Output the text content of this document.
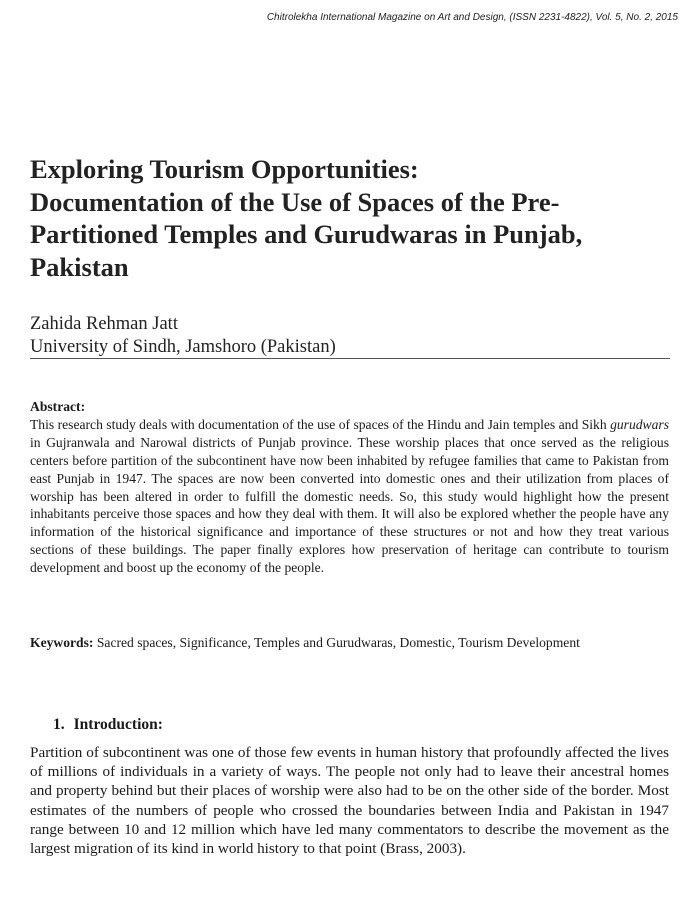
Chitrolekha International Magazine on Art and Design, (ISSN 2231-4822), Vol. 5, No. 2, 2015
Exploring Tourism Opportunities:
Documentation of the Use of Spaces of the Pre-
Partitioned Temples and Gurudwaras in Punjab,
Pakistan
Zahida Rehman Jatt
University of Sindh, Jamshoro (Pakistan)
Abstract:
This research study deals with documentation of the use of spaces of the Hindu and Jain temples and Sikh gurudwars in Gujranwala and Narowal districts of Punjab province. These worship places that once served as the religious centers before partition of the subcontinent have now been inhabited by refugee families that came to Pakistan from east Punjab in 1947. The spaces are now been converted into domestic ones and their utilization from places of worship has been altered in order to fulfill the domestic needs. So, this study would highlight how the present inhabitants perceive those spaces and how they deal with them. It will also be explored whether the people have any information of the historical significance and importance of these structures or not and how they treat various sections of these buildings. The paper finally explores how preservation of heritage can contribute to tourism development and boost up the economy of the people.
Keywords: Sacred spaces, Significance, Temples and Gurudwaras, Domestic, Tourism Development
1. Introduction:

Partition of subcontinent was one of those few events in human history that profoundly affected the lives of millions of individuals in a variety of ways. The people not only had to leave their ancestral homes and property behind but their places of worship were also had to be on the other side of the border. Most estimates of the numbers of people who crossed the boundaries between India and Pakistan in 1947 range between 10 and 12 million which have led many commentators to describe the movement as the largest migration of its kind in world history to that point (Brass, 2003).
